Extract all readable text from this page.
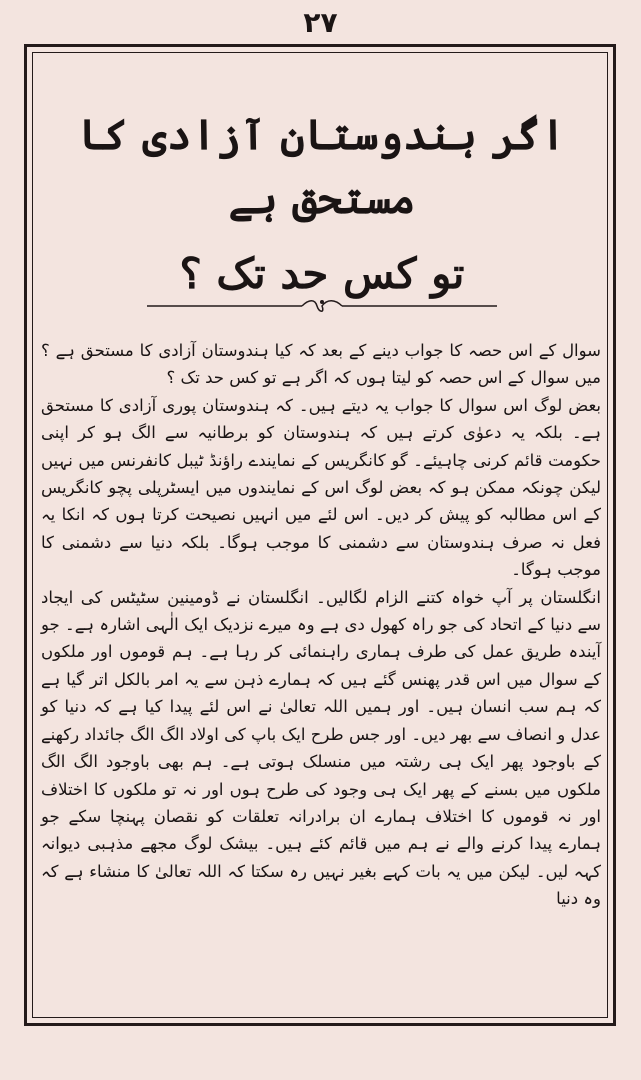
٢٧
اگر ہندوستان آزادی کا مستحق ہے
تو کس حد تک ؟

سوال کے اس حصہ کا جواب دینے کے بعد کہ کیا ہندوستان آزادی کا مستحق ہے ؟ میں سوال کے اس حصہ کو لیتا ہوں کہ اگر ہے تو کس حد تک ؟

بعض لوگ اس سوال کا جواب یہ دیتے ہیں۔ کہ ہندوستان پوری آزادی کا مستحق ہے۔ بلکہ یہ دعوٰی کرتے ہیں کہ ہندوستان کو برطانیہ سے الگ ہو کر اپنی حکومت قائم کرنی چاہیئے۔ گو کانگریس کے نمایندے راؤنڈ ٹیبل کانفرنس میں نہیں لیکن چونکہ ممکن ہو کہ بعض لوگ اس کے نمایندوں میں ایسٹرپلی پچو کانگریس کے اس مطالبہ کو پیش کر دیں۔ اس لئے میں انہیں نصیحت کرتا ہوں کہ انکا یہ فعل نہ صرف ہندوستان سے دشمنی کا موجب ہوگا۔ بلکہ دنیا سے دشمنی کا موجب ہوگا۔

انگلستان پر آپ خواہ کتنے الزام لگالیں۔ انگلستان نے ڈومینین سٹیٹس کی ایجاد سے دنیا کے اتحاد کی جو راہ کھول دی ہے وہ میرے نزدیک ایک الٰہی اشارہ ہے۔ جو آیندہ طریق عمل کی طرف ہماری راہنمائی کر رہا ہے۔ ہم قوموں اور ملکوں کے سوال میں اس قدر پھنس گئے ہیں کہ ہمارے ذہن سے یہ امر بالکل اتر گیا ہے کہ ہم سب انسان ہیں۔ اور ہمیں اللہ تعالیٰ نے اس لئے پیدا کیا ہے کہ دنیا کو عدل و انصاف سے بھر دیں۔ اور جس طرح ایک باپ کی اولاد الگ الگ جائداد رکھنے کے باوجود پھر ایک ہی رشتہ میں منسلک ہوتی ہے۔ ہم بھی باوجود الگ الگ ملکوں میں بسنے کے پھر ایک ہی وجود کی طرح ہوں اور نہ تو ملکوں کا اختلاف اور نہ قوموں کا اختلاف ہمارے ان برادرانہ تعلقات کو نقصان پہنچا سکے جو ہمارے پیدا کرنے والے نے ہم میں قائم کئے ہیں۔ بیشک لوگ مجھے مذہبی دیوانہ کہہ لیں۔ لیکن میں یہ بات کہے بغیر نہیں رہ سکتا کہ اللہ تعالیٰ کا منشاء ہے کہ وہ دنیا
